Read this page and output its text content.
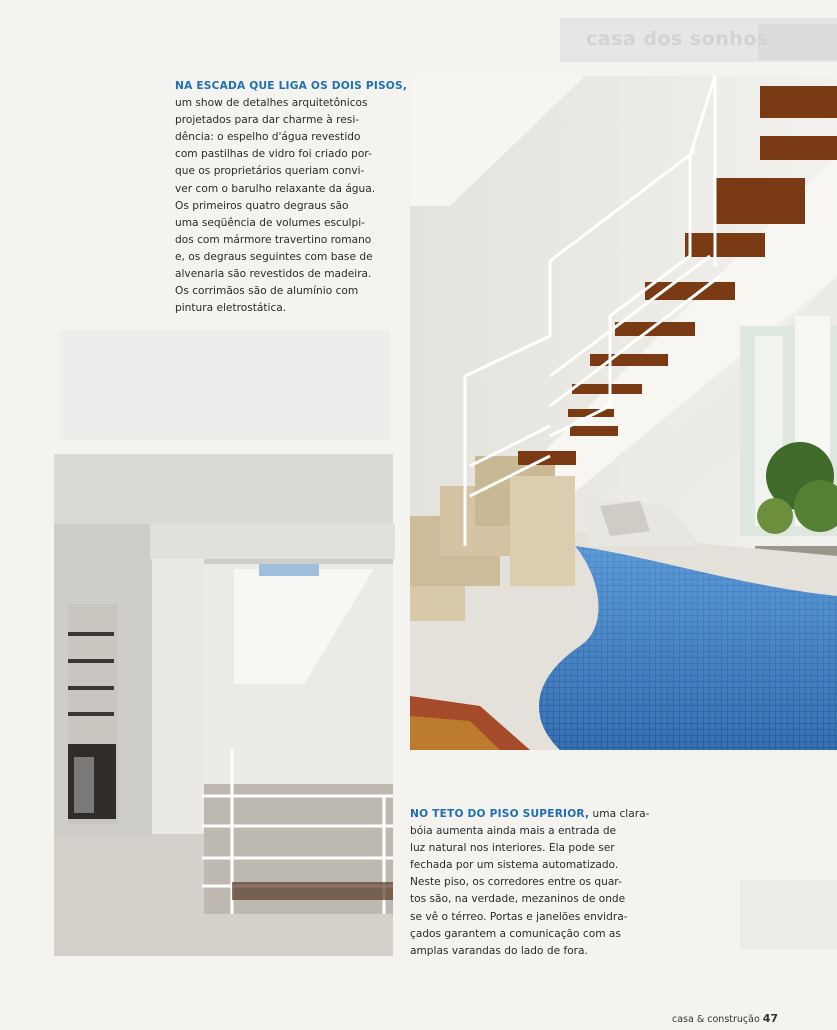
casa dos sonhos
NA ESCADA QUE LIGA OS DOIS PISOS,
um show de detalhes arquitetônicos
projetados para dar charme à resi-
dência: o espelho d'água revestido
com pastilhas de vidro foi criado por-
que os proprietários queriam convi-
ver com o barulho relaxante da água.
Os primeiros quatro degraus são
uma seqüência de volumes esculpi-
dos com mármore travertino romano
e, os degraus seguintes com base de
alvenaria são revestidos de madeira.
Os corrimãos são de alumínio com
pintura eletrostática.
NO TETO DO PISO SUPERIOR, uma clara-
bóia aumenta ainda mais a entrada de
luz natural nos interiores. Ela pode ser
fechada por um sistema automatizado.
Neste piso, os corredores entre os quar-
tos são, na verdade, mezaninos de onde
se vê o térreo. Portas e janelões envidra-
çados garantem a comunicação com as
amplas varandas do lado de fora.
casa & construção 47
